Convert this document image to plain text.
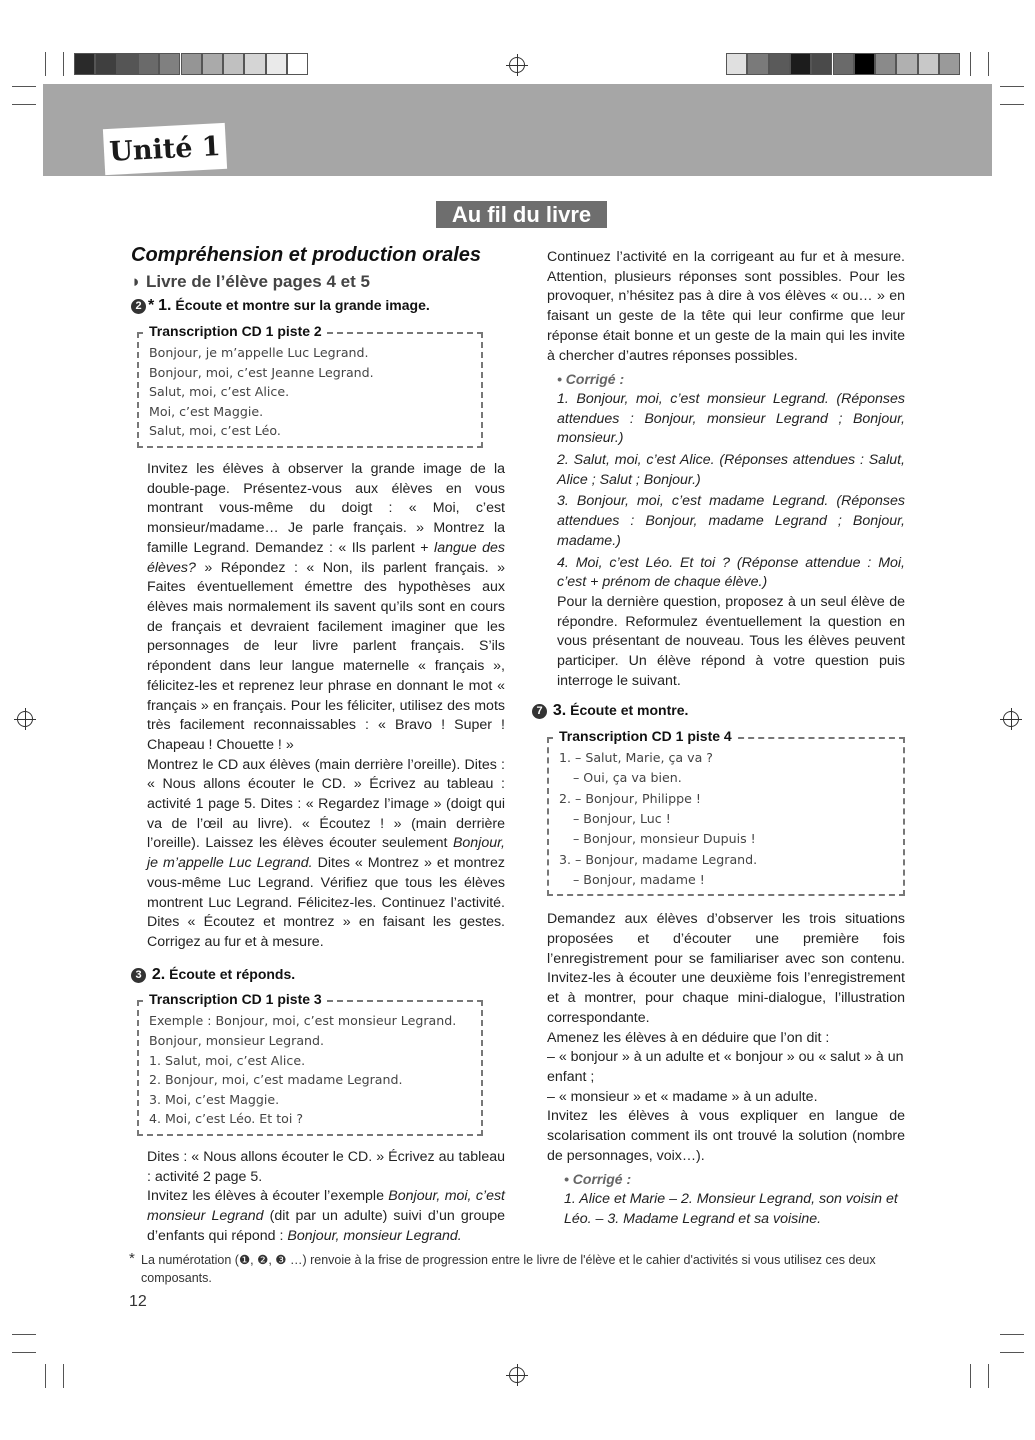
Unité 1
Au fil du livre
Compréhension et production orales
◗ Livre de l’élève pages 4 et 5
2 * 1. Écoute et montre sur la grande image.
Transcription CD 1 piste 2
Bonjour, je m’appelle Luc Legrand.
Bonjour, moi, c’est Jeanne Legrand.
Salut, moi, c’est Alice.
Moi, c’est Maggie.
Salut, moi, c’est Léo.
Invitez les élèves à observer la grande image de la double-page. Présentez-vous aux élèves en vous montrant vous-même du doigt : « Moi, c’est monsieur/madame… Je parle français. » Montrez la famille Legrand. Demandez : « Ils parlent + langue des élèves? » Répondez : « Non, ils parlent français. » Faites éventuellement émettre des hypothèses aux élèves mais normalement ils savent qu’ils sont en cours de français et devraient facilement imaginer que les personnages de leur livre parlent français. S’ils répondent dans leur langue maternelle « français », félicitez-les et reprenez leur phrase en donnant le mot « français » en français. Pour les féliciter, utilisez des mots très facilement reconnaissables : « Bravo ! Super ! Chapeau ! Chouette ! »
Montrez le CD aux élèves (main derrière l’oreille). Dites : « Nous allons écouter le CD. » Écrivez au tableau : activité 1 page 5. Dites : « Regardez l’image » (doigt qui va de l’œil au livre). « Écoutez ! » (main derrière l’oreille). Laissez les élèves écouter seulement Bonjour, je m’appelle Luc Legrand. Dites « Montrez » et montrez vous-même Luc Legrand. Vérifiez que tous les élèves montrent Luc Legrand. Félicitez-les. Continuez l’activité. Dites « Écoutez et montrez » en faisant les gestes. Corrigez au fur et à mesure.
3 2. Écoute et réponds.
Transcription CD 1 piste 3
Exemple : Bonjour, moi, c’est monsieur Legrand.
Bonjour, monsieur Legrand.
1. Salut, moi, c’est Alice.
2. Bonjour, moi, c’est madame Legrand.
3. Moi, c’est Maggie.
4. Moi, c’est Léo. Et toi ?
Dites : « Nous allons écouter le CD. » Écrivez au tableau : activité 2 page 5.
Invitez les élèves à écouter l’exemple Bonjour, moi, c’est monsieur Legrand (dit par un adulte) suivi d’un groupe d’enfants qui répond : Bonjour, monsieur Legrand.
Continuez l’activité en la corrigeant au fur et à mesure. Attention, plusieurs réponses sont possibles. Pour les provoquer, n’hésitez pas à dire à vos élèves « ou… » en faisant un geste de la tête qui leur confirme que leur réponse était bonne et un geste de la main qui les invite à chercher d’autres réponses possibles.
• Corrigé :
1. Bonjour, moi, c’est monsieur Legrand. (Réponses attendues : Bonjour, monsieur Legrand ; Bonjour, monsieur.)
2. Salut, moi, c’est Alice. (Réponses attendues : Salut, Alice ; Salut ; Bonjour.)
3. Bonjour, moi, c’est madame Legrand. (Réponses attendues : Bonjour, madame Legrand ; Bonjour, madame.)
4. Moi, c’est Léo. Et toi ? (Réponse attendue : Moi, c’est + prénom de chaque élève.)
Pour la dernière question, proposez à un seul élève de répondre. Reformulez éventuellement la question en vous présentant de nouveau. Tous les élèves peuvent participer. Un élève répond à votre question puis interroge le suivant.
7 3. Écoute et montre.
Transcription CD 1 piste 4
1. – Salut, Marie, ça va ?
– Oui, ça va bien.
2. – Bonjour, Philippe !
– Bonjour, Luc !
– Bonjour, monsieur Dupuis !
3. – Bonjour, madame Legrand.
– Bonjour, madame !
Demandez aux élèves d’observer les trois situations proposées et d’écouter une première fois l’enregistrement pour se familiariser avec son contenu. Invitez-les à écouter une deuxième fois l’enregistrement et à montrer, pour chaque mini-dialogue, l’illustration correspondante.
Amenez les élèves à en déduire que l’on dit :
– « bonjour » à un adulte et « bonjour » ou « salut » à un enfant ;
– « monsieur » et « madame » à un adulte.
Invitez les élèves à vous expliquer en langue de scolarisation comment ils ont trouvé la solution (nombre de personnages, voix…).
• Corrigé :
1. Alice et Marie – 2. Monsieur Legrand, son voisin et Léo. – 3. Madame Legrand et sa voisine.
* La numérotation (❶, ❷, ❸ …) renvoie à la frise de progression entre le livre de l'élève et le cahier d'activités si vous utilisez ces deux composants.
12
